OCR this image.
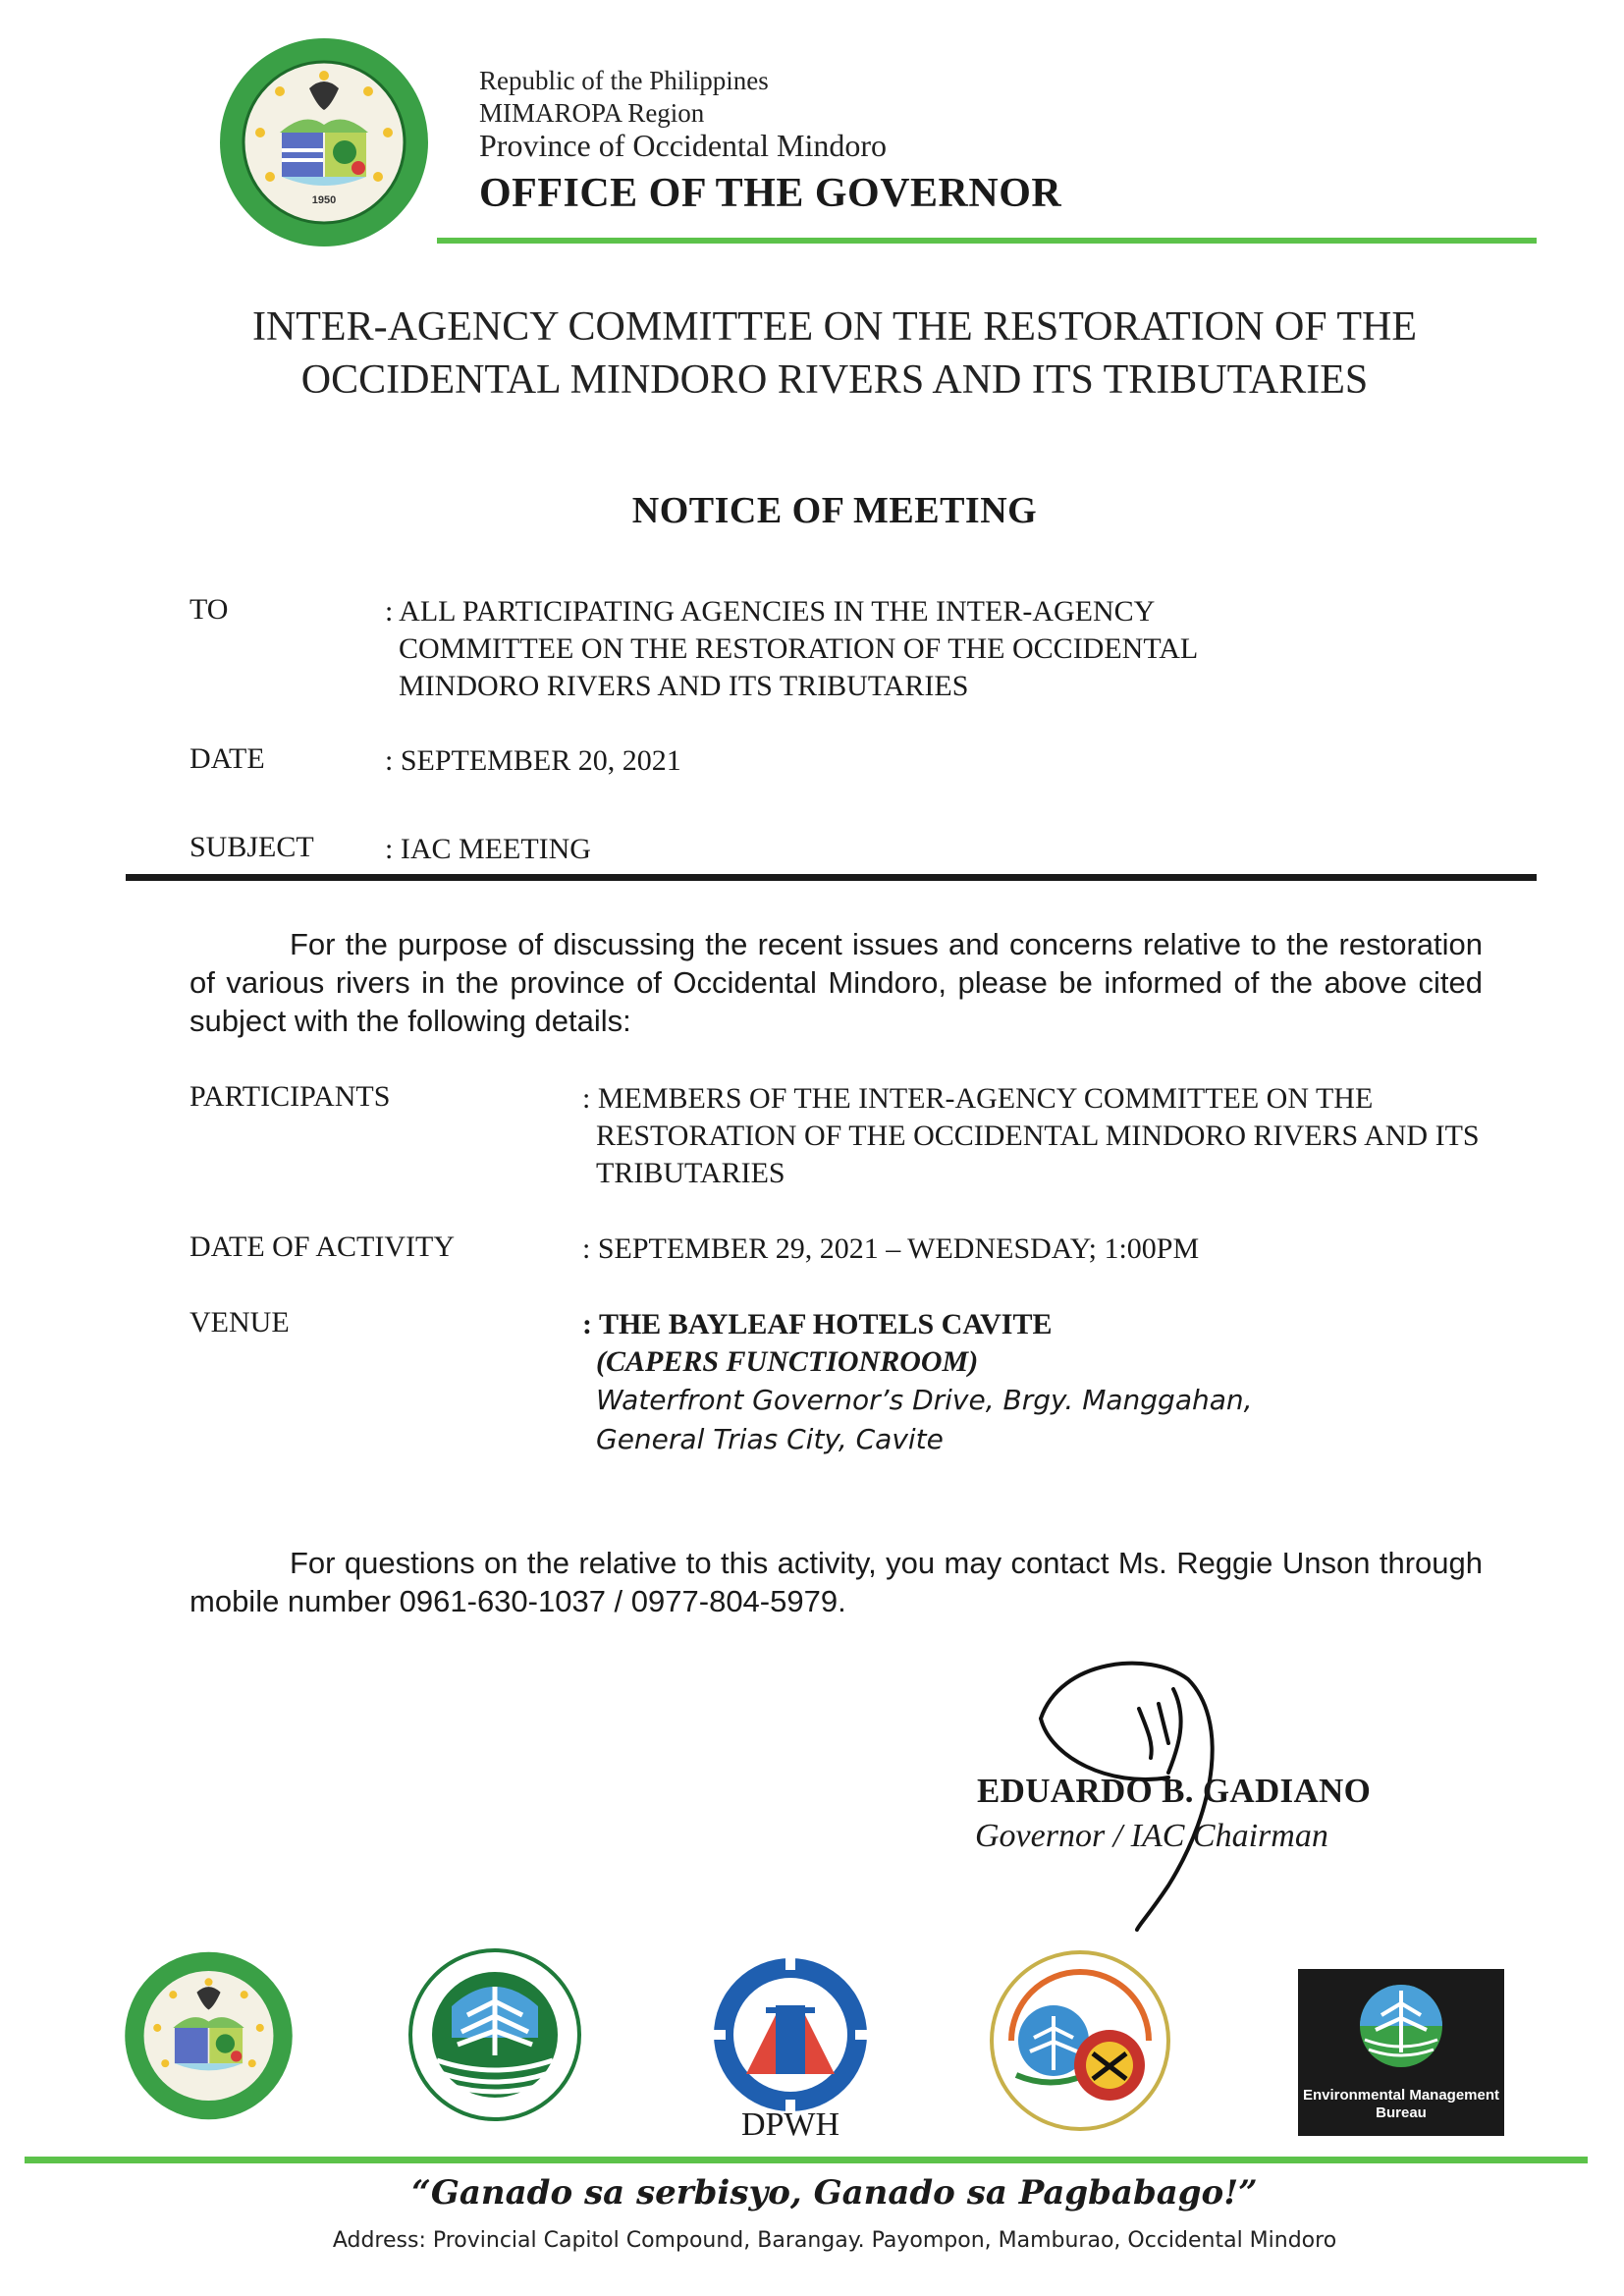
1950
Republic of the Philippines
MIMAROPA Region
Province of Occidental Mindoro
OFFICE OF THE GOVERNOR
INTER-AGENCY COMMITTEE ON THE RESTORATION OF THE
OCCIDENTAL MINDORO RIVERS AND ITS TRIBUTARIES
NOTICE OF MEETING
TO	: ALL PARTICIPATING AGENCIES IN THE INTER-AGENCY COMMITTEE ON THE RESTORATION OF THE OCCIDENTAL MINDORO RIVERS AND ITS TRIBUTARIES
DATE	: SEPTEMBER 20, 2021
SUBJECT : IAC MEETING
For the purpose of discussing the recent issues and concerns relative to the restoration of various rivers in the province of Occidental Mindoro, please be informed of the above cited subject with the following details:
PARTICIPANTS	: MEMBERS OF THE INTER-AGENCY COMMITTEE ON THE RESTORATION OF THE OCCIDENTAL MINDORO RIVERS AND ITS TRIBUTARIES
DATE OF ACTIVITY	: SEPTEMBER 29, 2021 – WEDNESDAY; 1:00PM
VENUE	: THE BAYLEAF HOTELS CAVITE
(CAPERS FUNCTIONROOM)
Waterfront Governor’s Drive, Brgy. Manggahan,
General Trias City, Cavite
For questions on the relative to this activity, you may contact Ms. Reggie Unson through mobile number 0961-630-1037 / 0977-804-5979.
EDUARDO B. GADIANO
Governor / IAC Chairman
DPWH
Environmental Management Bureau
“Ganado sa serbisyo, Ganado sa Pagbabago!”
Address: Provincial Capitol Compound, Barangay. Payompon, Mamburao, Occidental Mindoro
